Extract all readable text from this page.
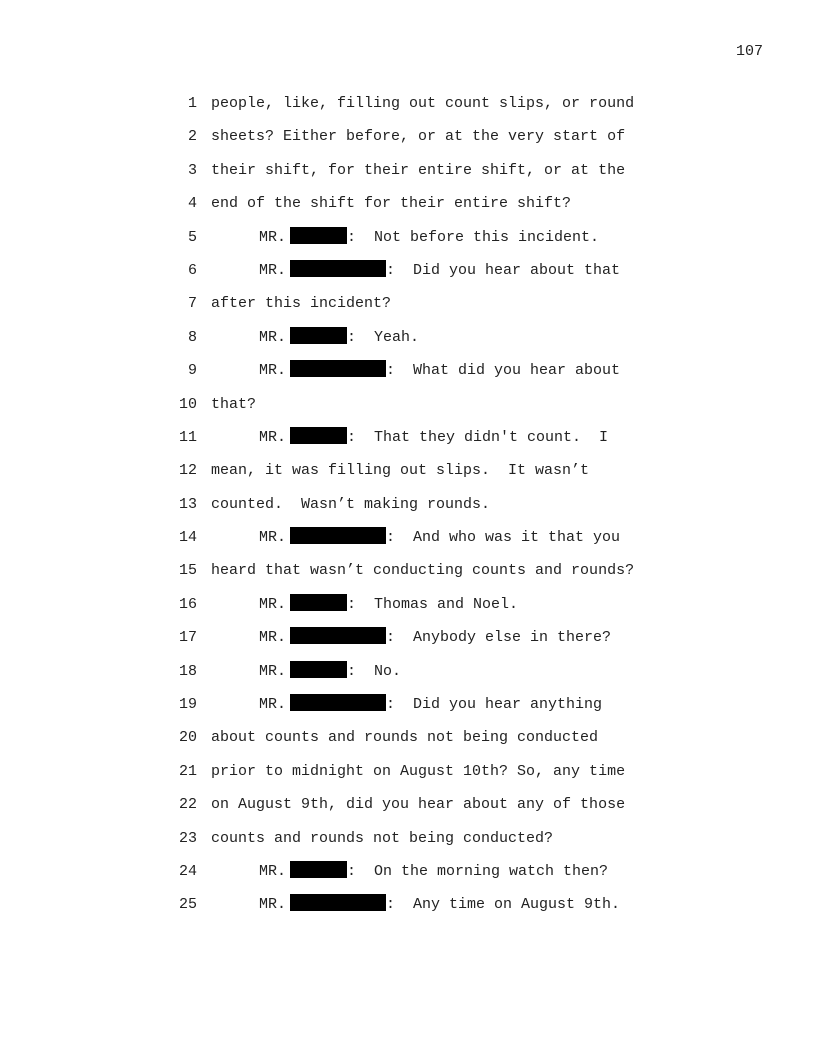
107
1 people, like, filling out count slips, or round
2 sheets? Either before, or at the very start of
3 their shift, for their entire shift, or at the
4 end of the shift for their entire shift?
5	MR.	:  Not before this incident.
6	MR.	:  Did you hear about that
7 after this incident?
8	MR.	:  Yeah.
9	MR.	:  What did you hear about
10 that?
11	MR.	:  That they didn't count.  I
12 mean, it was filling out slips.  It wasn’t
13 counted.  Wasn’t making rounds.
14	MR.	:  And who was it that you
15 heard that wasn’t conducting counts and rounds?
16	MR.	:  Thomas and Noel.
17	MR.	:  Anybody else in there?
18	MR.	:  No.
19	MR.	:  Did you hear anything
20 about counts and rounds not being conducted
21 prior to midnight on August 10th? So, any time
22 on August 9th, did you hear about any of those
23 counts and rounds not being conducted?
24	MR.	:  On the morning watch then?
25	MR.	:  Any time on August 9th.
